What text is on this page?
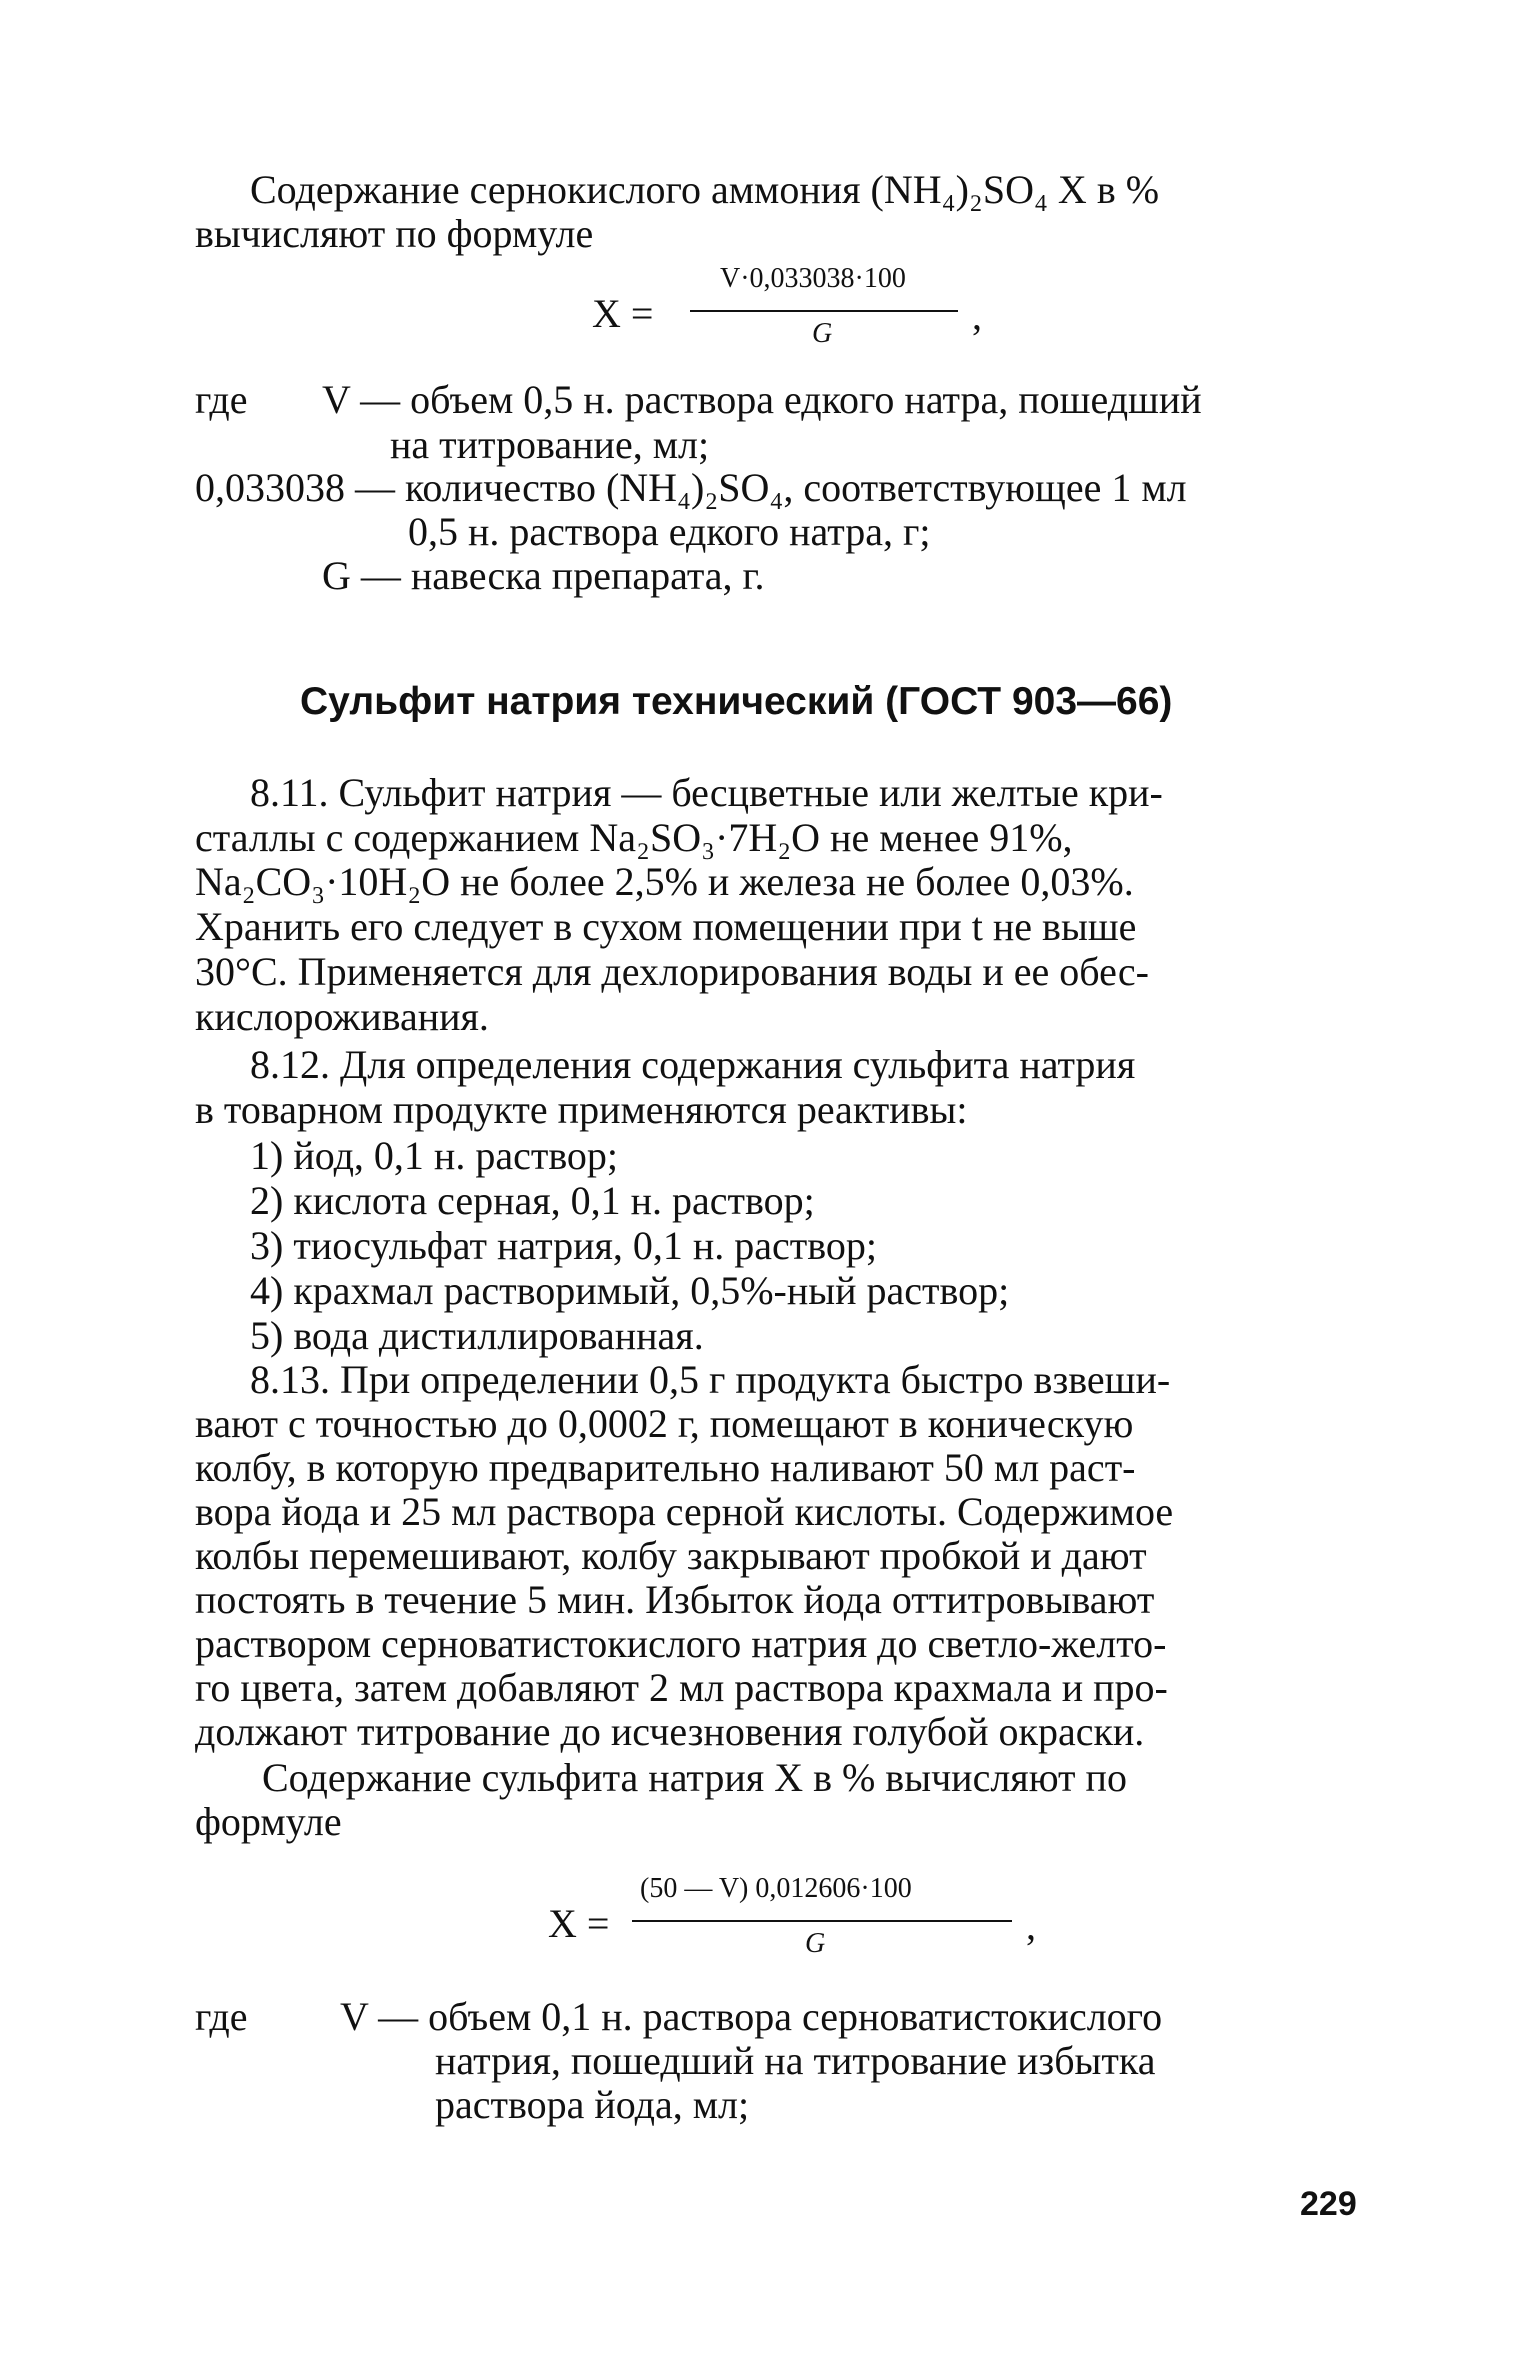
Содержание сернокислого аммония (NH₄)₂SO₄ X в %
вычисляют по формуле
X =
V·0,033038·100
G	,
где V — объем 0,5 н. раствора едкого натра, пошедший
на титрование, мл;
0,033038 — количество (NH₄)₂SO₄, соответствующее 1 мл
0,5 н. раствора едкого натра, г;
G — навеска препарата, г.
Сульфит натрия технический (ГОСТ 903—66)
8.11. Сульфит натрия — бесцветные или желтые кри-
сталлы с содержанием Na₂SO₃·7H₂O не менее 91%,
Na₂CO₃·10H₂O не более 2,5% и железа не более 0,03%.
Хранить его следует в сухом помещении при t не выше
30°С. Применяется для дехлорирования воды и ее обес-
кислороживания.
8.12. Для определения содержания сульфита натрия
в товарном продукте применяются реактивы:
1) йод, 0,1 н. раствор;
2) кислота серная, 0,1 н. раствор;
3) тиосульфат натрия, 0,1 н. раствор;
4) крахмал растворимый, 0,5%-ный раствор;
5) вода дистиллированная.
8.13. При определении 0,5 г продукта быстро взвеши-
вают с точностью до 0,0002 г, помещают в коническую
колбу, в которую предварительно наливают 50 мл раст-
вора йода и 25 мл раствора серной кислоты. Содержимое
колбы перемешивают, колбу закрывают пробкой и дают
постоять в течение 5 мин. Избыток йода оттитровывают
раствором серноватистокислого натрия до светло-желто-
го цвета, затем добавляют 2 мл раствора крахмала и про-
должают титрование до исчезновения голубой окраски.
Содержание сульфита натрия X в % вычисляют по
формуле
X =
(50 — V) 0,012606·100
G	,
где V — объем 0,1 н. раствора серноватистокислого
натрия, пошедший на титрование избытка
раствора йода, мл;
229
